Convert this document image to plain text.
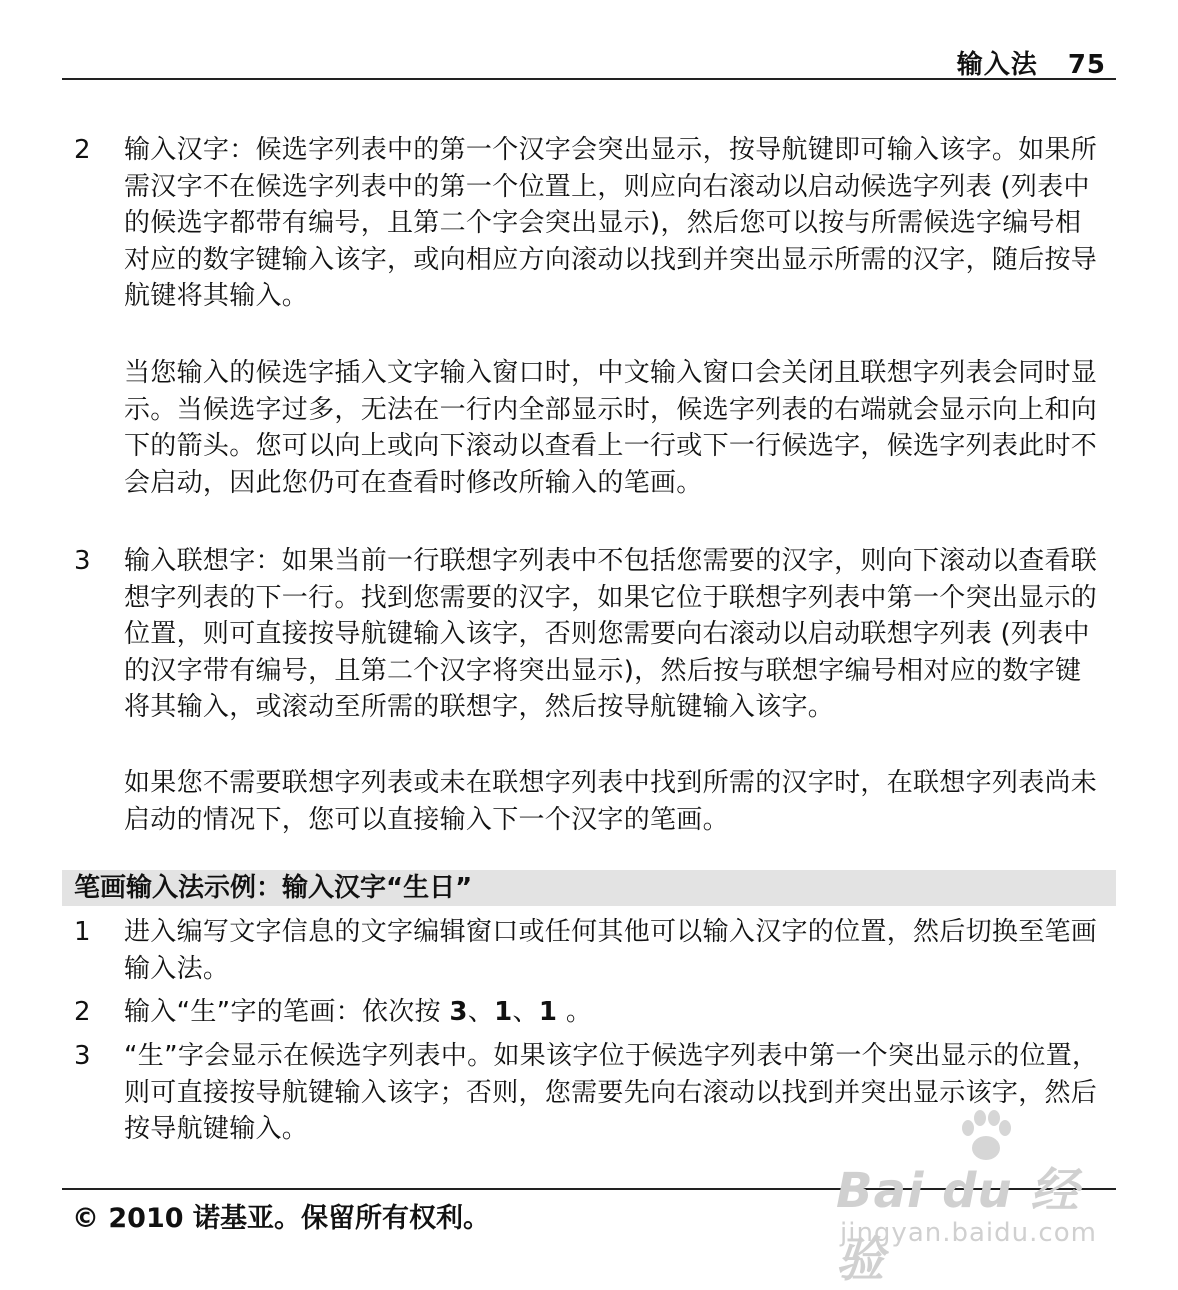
输入法 75
2 输入汉字：候选字列表中的第一个汉字会突出显示，按导航键即可输入该字。如果所需汉字不在候选字列表中的第一个位置上，则应向右滚动以启动候选字列表 (列表中的候选字都带有编号，且第二个字会突出显示)，然后您可以按与所需候选字编号相对应的数字键输入该字，或向相应方向滚动以找到并突出显示所需的汉字，随后按导航键将其输入。
当您输入的候选字插入文字输入窗口时，中文输入窗口会关闭且联想字列表会同时显示。当候选字过多，无法在一行内全部显示时，候选字列表的右端就会显示向上和向下的箭头。您可以向上或向下滚动以查看上一行或下一行候选字，候选字列表此时不会启动，因此您仍可在查看时修改所输入的笔画。
3 输入联想字：如果当前一行联想字列表中不包括您需要的汉字，则向下滚动以查看联想字列表的下一行。找到您需要的汉字，如果它位于联想字列表中第一个突出显示的位置，则可直接按导航键输入该字，否则您需要向右滚动以启动联想字列表 (列表中的汉字带有编号，且第二个汉字将突出显示)，然后按与联想字编号相对应的数字键将其输入，或滚动至所需的联想字，然后按导航键输入该字。
如果您不需要联想字列表或未在联想字列表中找到所需的汉字时，在联想字列表尚未启动的情况下，您可以直接输入下一个汉字的笔画。
笔画输入法示例：输入汉字“生日”
1 进入编写文字信息的文字编辑窗口或任何其他可以输入汉字的位置，然后切换至笔画输入法。
2 输入“生”字的笔画：依次按 3、1、1 。
3 “生”字会显示在候选字列表中。如果该字位于候选字列表中第一个突出显示的位置，则可直接按导航键输入该字；否则，您需要先向右滚动以找到并突出显示该字，然后按导航键输入。
© 2010 诺基亚。保留所有权利。	Bai du 经验
jingyan.baidu.com
